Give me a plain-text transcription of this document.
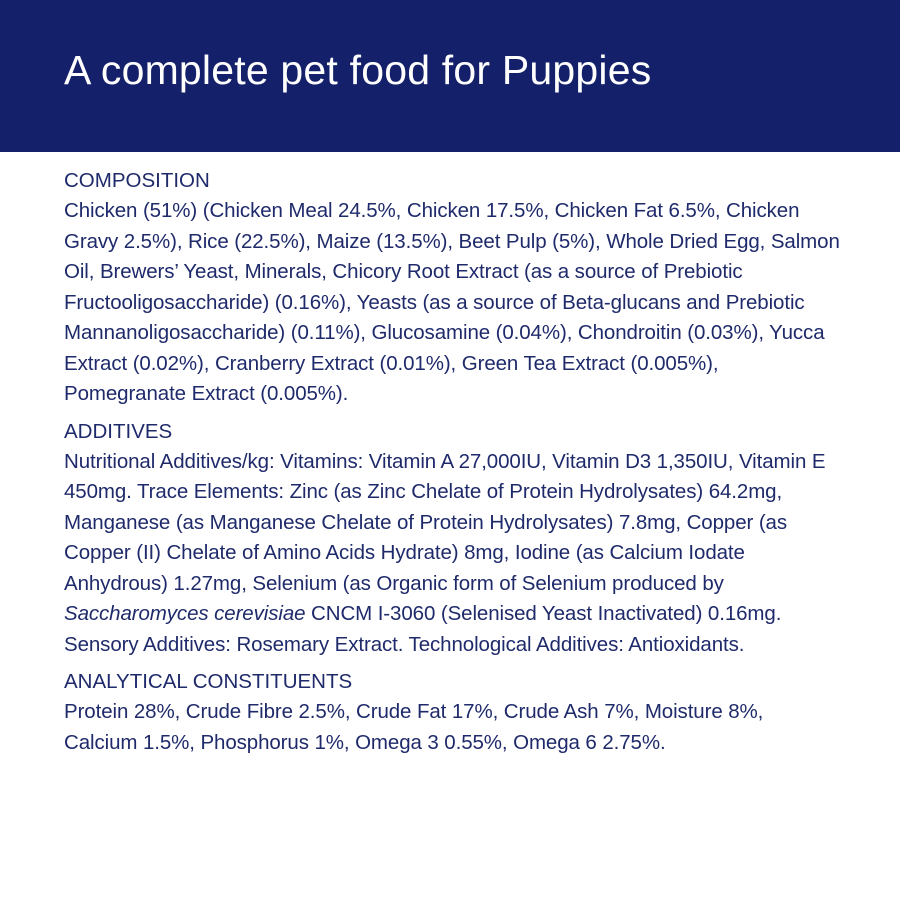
A complete pet food for Puppies
COMPOSITION

Chicken (51%) (Chicken Meal 24.5%, Chicken 17.5%, Chicken Fat 6.5%, Chicken Gravy 2.5%), Rice (22.5%), Maize (13.5%), Beet Pulp (5%), Whole Dried Egg, Salmon Oil, Brewers’ Yeast, Minerals, Chicory Root Extract (as a source of Prebiotic Fructooligosaccharide) (0.16%), Yeasts (as a source of Beta-glucans and Prebiotic Mannanoligosaccharide) (0.11%), Glucosamine (0.04%), Chondroitin (0.03%), Yucca Extract (0.02%), Cranberry Extract (0.01%), Green Tea Extract (0.005%), Pomegranate Extract (0.005%).

ADDITIVES

Nutritional Additives/kg: Vitamins: Vitamin A 27,000IU, Vitamin D3 1,350IU, Vitamin E 450mg. Trace Elements: Zinc (as Zinc Chelate of Protein Hydrolysates) 64.2mg, Manganese (as Manganese Chelate of Protein Hydrolysates) 7.8mg, Copper (as Copper (II) Chelate of Amino Acids Hydrate) 8mg, Iodine (as Calcium Iodate Anhydrous) 1.27mg, Selenium (as Organic form of Selenium produced by Saccharomyces cerevisiae CNCM I-3060 (Selenised Yeast Inactivated) 0.16mg. Sensory Additives: Rosemary Extract. Technological Additives: Antioxidants.

ANALYTICAL CONSTITUENTS

Protein 28%, Crude Fibre 2.5%, Crude Fat 17%, Crude Ash 7%, Moisture 8%, Calcium 1.5%, Phosphorus 1%, Omega 3 0.55%, Omega 6 2.75%.
